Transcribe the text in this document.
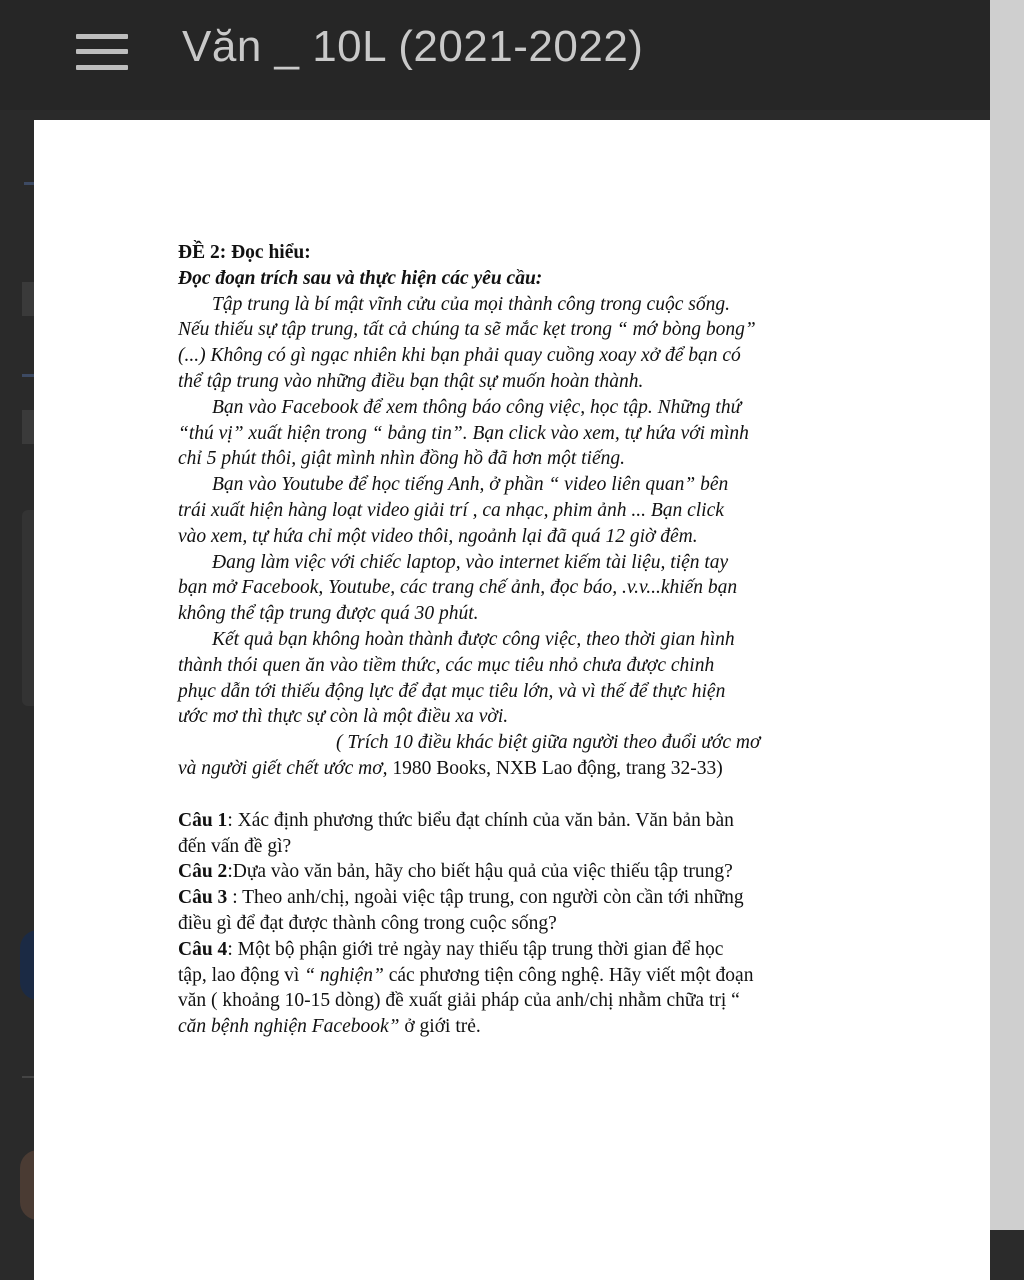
Văn _ 10L (2021-2022)
ĐỀ 2: Đọc hiểu:
Đọc đoạn trích sau và thực hiện các yêu cầu:
Tập trung là bí mật vĩnh cửu của mọi thành công trong cuộc sống.
Nếu thiếu sự tập trung, tất cả chúng ta sẽ mắc kẹt trong “ mớ bòng bong”
(...) Không có gì ngạc nhiên khi bạn phải quay cuồng xoay xở để bạn có
thể tập trung vào những điều bạn thật sự muốn hoàn thành.
Bạn vào Facebook để xem thông báo công việc, học tập. Những thứ
“thú vị” xuất hiện trong “ bảng tin”. Bạn click vào xem, tự hứa với mình
chỉ 5 phút thôi, giật mình nhìn đồng hồ đã hơn một tiếng.
Bạn vào Youtube để học tiếng Anh, ở phần “ video liên quan” bên
trái xuất hiện hàng loạt video giải trí , ca nhạc, phim ảnh ... Bạn click
vào xem, tự hứa chỉ một video thôi, ngoảnh lại đã quá 12 giờ đêm.
Đang làm việc với chiếc laptop, vào internet kiếm tài liệu, tiện tay
bạn mở Facebook, Youtube, các trang chế ảnh, đọc báo, .v.v...khiến bạn
không thể tập trung được quá 30 phút.
Kết quả bạn không hoàn thành được công việc, theo thời gian hình
thành thói quen ăn vào tiềm thức, các mục tiêu nhỏ chưa được chinh
phục dẫn tới thiếu động lực để đạt mục tiêu lớn, và vì thế để thực hiện
ước mơ thì thực sự còn là một điều xa vời.
( Trích 10 điều khác biệt giữa người theo đuổi ước mơ
và người giết chết ước mơ, 1980 Books, NXB Lao động, trang 32-33)
Câu 1: Xác định phương thức biểu đạt chính của văn bản. Văn bản bàn
đến vấn đề gì?
Câu 2:Dựa vào văn bản, hãy cho biết hậu quả của việc thiếu tập trung?
Câu 3 : Theo anh/chị, ngoài việc tập trung, con người còn cần tới những
điều gì để đạt được thành công trong cuộc sống?
Câu 4: Một bộ phận giới trẻ ngày nay thiếu tập trung thời gian để học
tập, lao động vì “ nghiện” các phương tiện công nghệ. Hãy viết một đoạn
văn ( khoảng 10-15 dòng) đề xuất giải pháp của anh/chị nhằm chữa trị “
căn bệnh nghiện Facebook” ở giới trẻ.
